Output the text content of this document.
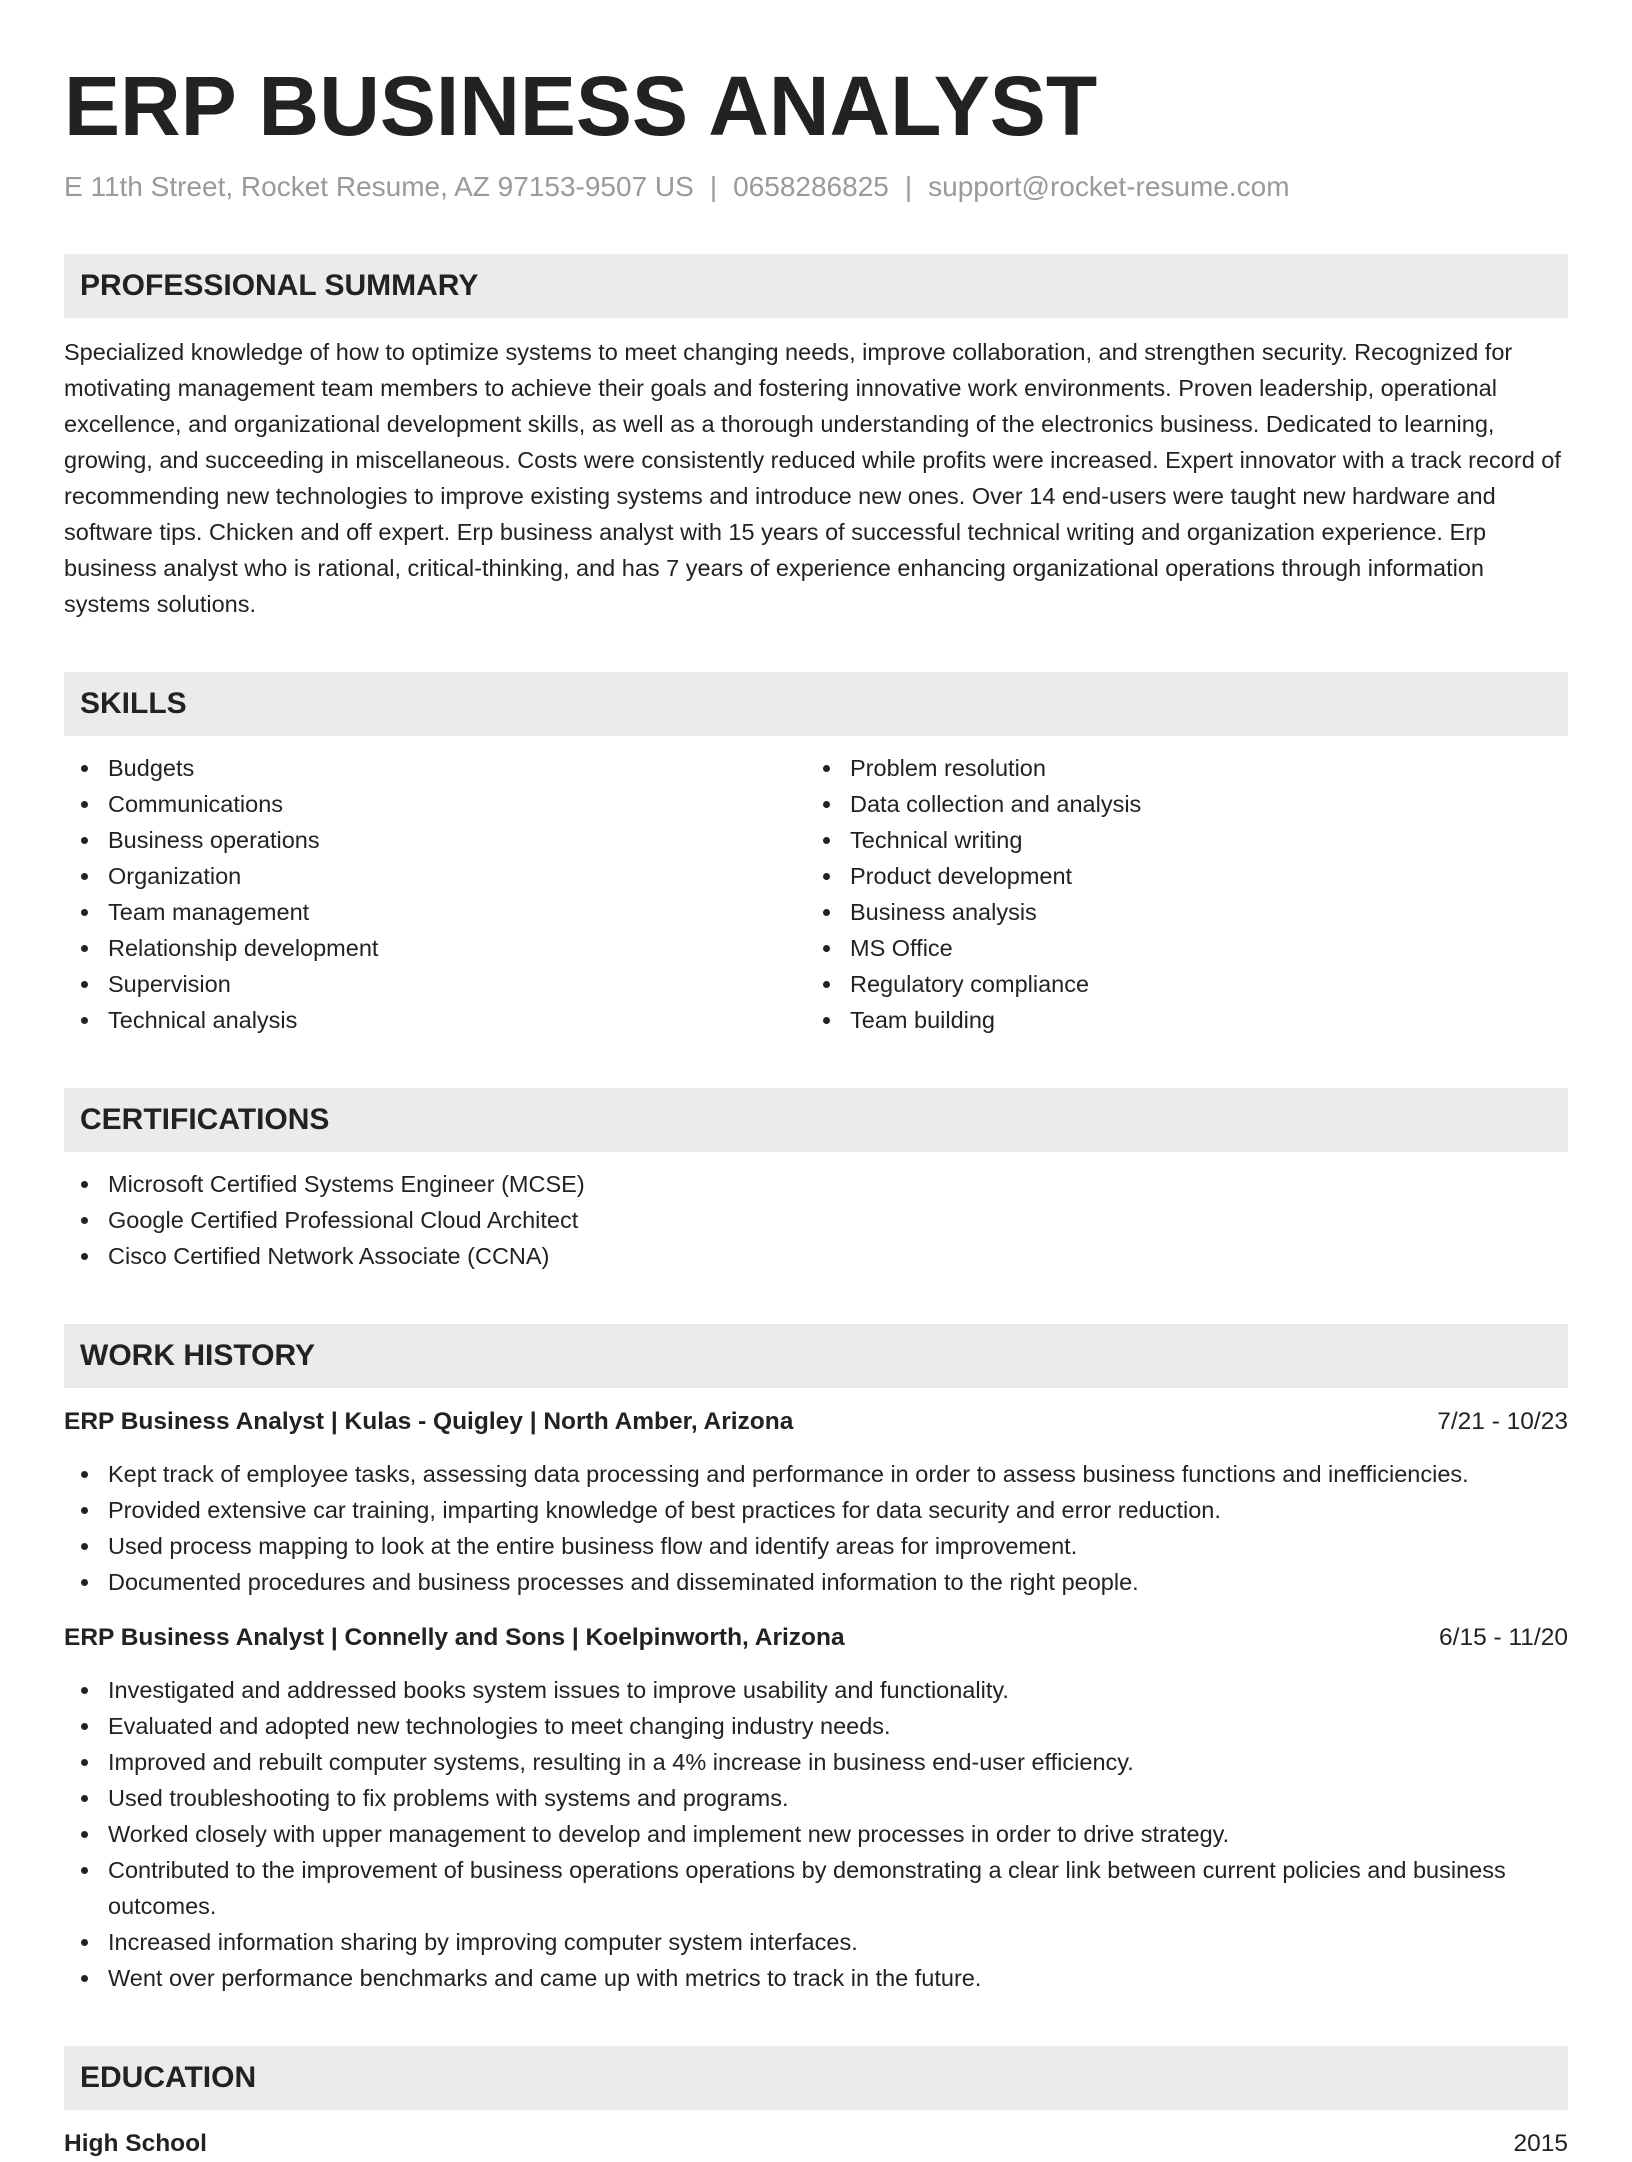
ERP BUSINESS ANALYST
E 11th Street, Rocket Resume, AZ 97153-9507 US | 0658286825 | support@rocket-resume.com
PROFESSIONAL SUMMARY
Specialized knowledge of how to optimize systems to meet changing needs, improve collaboration, and strengthen security. Recognized for motivating management team members to achieve their goals and fostering innovative work environments. Proven leadership, operational excellence, and organizational development skills, as well as a thorough understanding of the electronics business. Dedicated to learning, growing, and succeeding in miscellaneous. Costs were consistently reduced while profits were increased. Expert innovator with a track record of recommending new technologies to improve existing systems and introduce new ones. Over 14 end-users were taught new hardware and software tips. Chicken and off expert. Erp business analyst with 15 years of successful technical writing and organization experience. Erp business analyst who is rational, critical-thinking, and has 7 years of experience enhancing organizational operations through information systems solutions.
SKILLS
Budgets
Communications
Business operations
Organization
Team management
Relationship development
Supervision
Technical analysis
Problem resolution
Data collection and analysis
Technical writing
Product development
Business analysis
MS Office
Regulatory compliance
Team building
CERTIFICATIONS
Microsoft Certified Systems Engineer (MCSE)
Google Certified Professional Cloud Architect
Cisco Certified Network Associate (CCNA)
WORK HISTORY
ERP Business Analyst | Kulas - Quigley | North Amber, Arizona	7/21 - 10/23
Kept track of employee tasks, assessing data processing and performance in order to assess business functions and inefficiencies.
Provided extensive car training, imparting knowledge of best practices for data security and error reduction.
Used process mapping to look at the entire business flow and identify areas for improvement.
Documented procedures and business processes and disseminated information to the right people.
ERP Business Analyst | Connelly and Sons | Koelpinworth, Arizona	6/15 - 11/20
Investigated and addressed books system issues to improve usability and functionality.
Evaluated and adopted new technologies to meet changing industry needs.
Improved and rebuilt computer systems, resulting in a 4% increase in business end-user efficiency.
Used troubleshooting to fix problems with systems and programs.
Worked closely with upper management to develop and implement new processes in order to drive strategy.
Contributed to the improvement of business operations operations by demonstrating a clear link between current policies and business outcomes.
Increased information sharing by improving computer system interfaces.
Went over performance benchmarks and came up with metrics to track in the future.
EDUCATION
High School	2015
